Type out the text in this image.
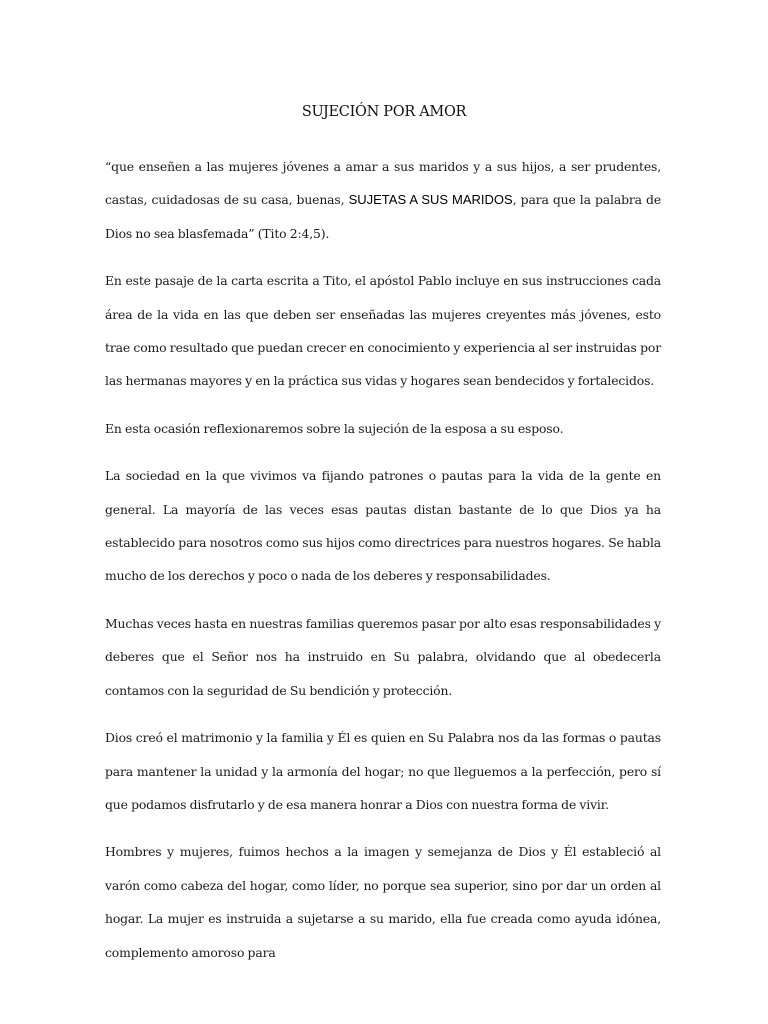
SUJECIÓN POR AMOR

“que enseñen a las mujeres jóvenes a amar a sus maridos y a sus hijos, a ser prudentes, castas, cuidadosas de su casa, buenas, SUJETAS A SUS MARIDOS, para que la palabra de Dios no sea blasfemada” (Tito 2:4,5).

En este pasaje de la carta escrita a Tito, el apóstol Pablo incluye en sus instrucciones cada área de la vida en las que deben ser enseñadas las mujeres creyentes más jóvenes, esto trae como resultado que puedan crecer en conocimiento y experiencia al ser instruidas por las hermanas mayores y en la práctica sus vidas y hogares sean bendecidos y fortalecidos.

En esta ocasión reflexionaremos sobre la sujeción de la esposa a su esposo.

La sociedad en la que vivimos va fijando patrones o pautas para la vida de la gente en general. La mayoría de las veces esas pautas distan bastante de lo que Dios ya ha establecido para nosotros como sus hijos como directrices para nuestros hogares. Se habla mucho de los derechos y poco o nada de los deberes y responsabilidades.

Muchas veces hasta en nuestras familias queremos pasar por alto esas responsabilidades y deberes que el Señor nos ha instruido en Su palabra, olvidando que al obedecerla contamos con la seguridad de Su bendición y protección.

Dios creó el matrimonio y la familia y Él es quien en Su Palabra nos da las formas o pautas para mantener la unidad y la armonía del hogar; no que lleguemos a la perfección, pero sí que podamos disfrutarlo y de esa manera honrar a Dios con nuestra forma de vivir.

Hombres y mujeres, fuimos hechos a la imagen y semejanza de Dios y Él estableció al varón como cabeza del hogar, como líder, no porque sea superior, sino por dar un orden al hogar. La mujer es instruida a sujetarse a su marido, ella fue creada como ayuda idónea, complemento amoroso para
